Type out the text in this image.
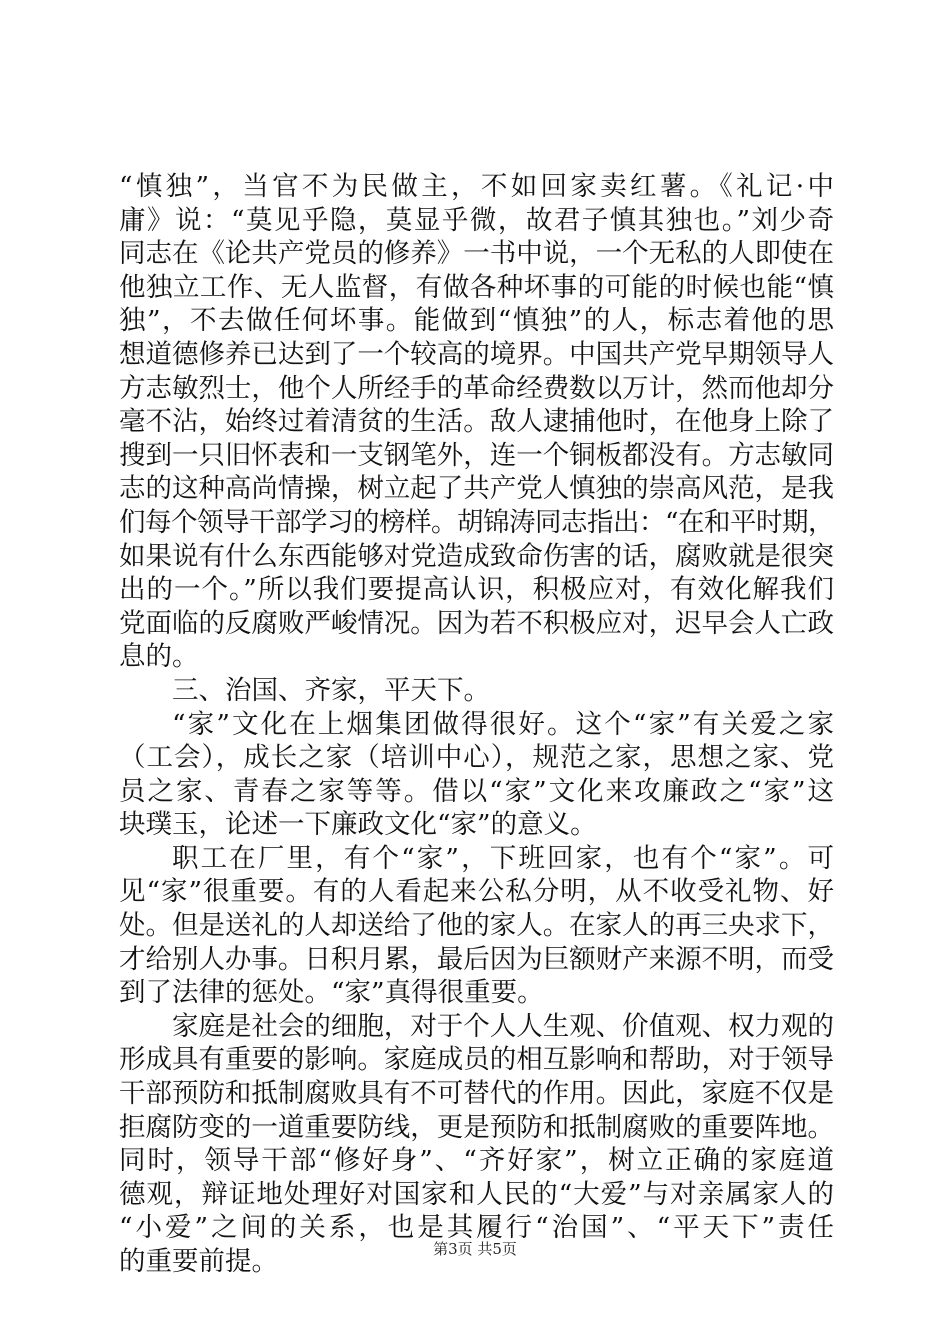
“慎独”，当官不为民做主，不如回家卖红薯。《礼记·中
庸》说：“莫见乎隐，莫显乎微，故君子慎其独也。”刘少奇
同志在《论共产党员的修养》一书中说，一个无私的人即使在
他独立工作、无人监督，有做各种坏事的可能的时候也能“慎
独”，不去做任何坏事。能做到“慎独”的人，标志着他的思
想道德修养已达到了一个较高的境界。中国共产党早期领导人
方志敏烈士，他个人所经手的革命经费数以万计，然而他却分
毫不沾，始终过着清贫的生活。敌人逮捕他时，在他身上除了
搜到一只旧怀表和一支钢笔外，连一个铜板都没有。方志敏同
志的这种高尚情操，树立起了共产党人慎独的崇高风范，是我
们每个领导干部学习的榜样。胡锦涛同志指出：“在和平时期，
如果说有什么东西能够对党造成致命伤害的话，腐败就是很突
出的一个。”所以我们要提高认识，积极应对，有效化解我们
党面临的反腐败严峻情况。因为若不积极应对，迟早会人亡政
息的。
三、治国、齐家，平天下。
“家”文化在上烟集团做得很好。这个“家”有关爱之家
（工会），成长之家（培训中心），规范之家，思想之家、党
员之家、青春之家等等。借以“家”文化来攻廉政之“家”这
块璞玉，论述一下廉政文化“家”的意义。
职工在厂里，有个“家”，下班回家，也有个“家”。可
见“家”很重要。有的人看起来公私分明，从不收受礼物、好
处。但是送礼的人却送给了他的家人。在家人的再三央求下，
才给别人办事。日积月累，最后因为巨额财产来源不明，而受
到了法律的惩处。“家”真得很重要。
家庭是社会的细胞，对于个人人生观、价值观、权力观的
形成具有重要的影响。家庭成员的相互影响和帮助，对于领导
干部预防和抵制腐败具有不可替代的作用。因此，家庭不仅是
拒腐防变的一道重要防线，更是预防和抵制腐败的重要阵地。
同时，领导干部“修好身”、“齐好家”，树立正确的家庭道
德观，辩证地处理好对国家和人民的“大爱”与对亲属家人的
“小爱”之间的关系，也是其履行“治国”、“平天下”责任
的重要前提。	第3页 共5页
